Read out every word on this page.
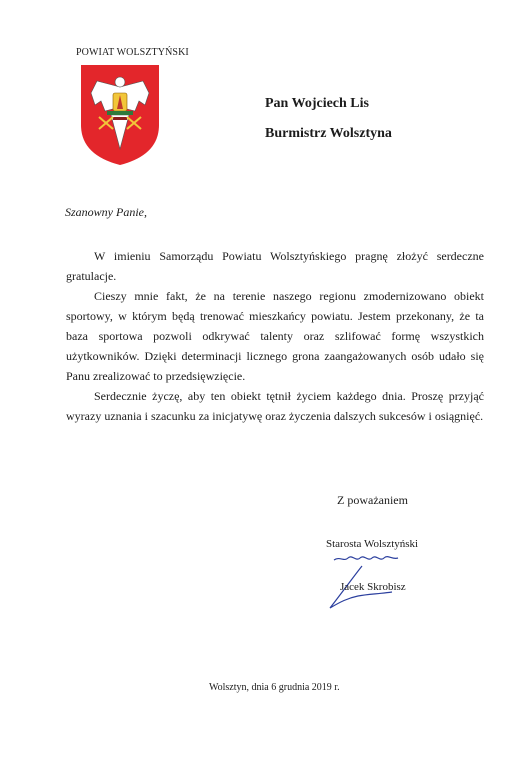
POWIAT WOLSZTYŃSKI
Pan Wojciech Lis
Burmistrz Wolsztyna
Szanowny Panie,

W imieniu Samorządu Powiatu Wolsztyńskiego pragnę złożyć serdeczne gratulacje.

Cieszy mnie fakt, że na terenie naszego regionu zmodernizowano obiekt sportowy, w którym będą trenować mieszkańcy powiatu. Jestem przekonany, że ta baza sportowa pozwoli odkrywać talenty oraz szlifować formę wszystkich użytkowników. Dzięki determinacji licznego grona zaangażowanych osób udało się Panu zrealizować to przedsięwzięcie.

Serdecznie życzę, aby ten obiekt tętnił życiem każdego dnia. Proszę przyjąć wyrazy uznania i szacunku za inicjatywę oraz życzenia dalszych sukcesów i osiągnięć.

Z poważaniem
Starosta Wolsztyński
Jacek Skrobisz
Wolsztyn, dnia 6 grudnia 2019 r.
